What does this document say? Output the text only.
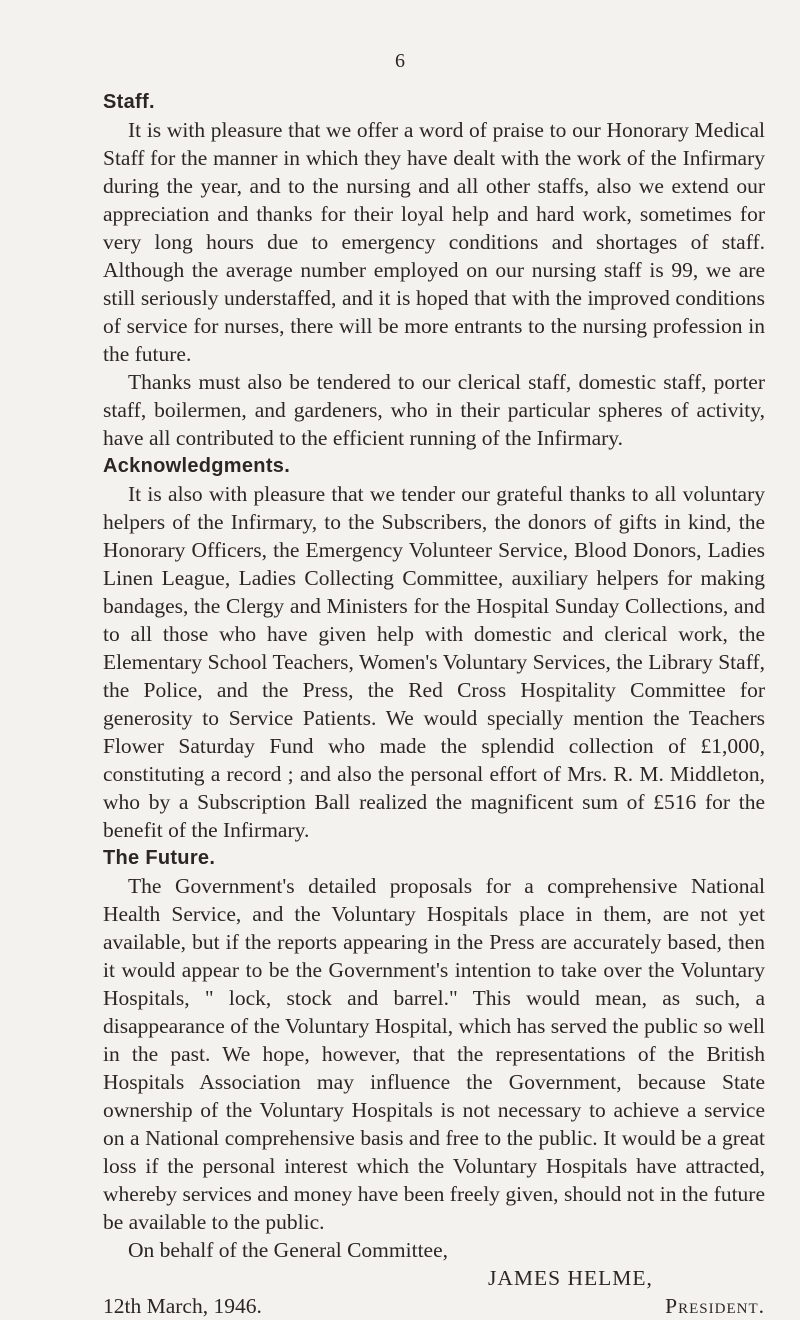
6
Staff.

It is with pleasure that we offer a word of praise to our Honorary Medical Staff for the manner in which they have dealt with the work of the Infirmary during the year, and to the nursing and all other staffs, also we extend our appreciation and thanks for their loyal help and hard work, sometimes for very long hours due to emergency conditions and shortages of staff. Although the average number employed on our nursing staff is 99, we are still seriously understaffed, and it is hoped that with the improved conditions of service for nurses, there will be more entrants to the nursing profession in the future.

Thanks must also be tendered to our clerical staff, domestic staff, porter staff, boilermen, and gardeners, who in their particular spheres of activity, have all contributed to the efficient running of the Infirmary.

Acknowledgments.

It is also with pleasure that we tender our grateful thanks to all voluntary helpers of the Infirmary, to the Subscribers, the donors of gifts in kind, the Honorary Officers, the Emergency Volunteer Service, Blood Donors, Ladies Linen League, Ladies Collecting Committee, auxiliary helpers for making bandages, the Clergy and Ministers for the Hospital Sunday Collections, and to all those who have given help with domestic and clerical work, the Elementary School Teachers, Women's Voluntary Services, the Library Staff, the Police, and the Press, the Red Cross Hospitality Committee for generosity to Service Patients. We would specially mention the Teachers Flower Saturday Fund who made the splendid collection of £1,000, constituting a record ; and also the personal effort of Mrs. R. M. Middleton, who by a Subscription Ball realized the magnificent sum of £516 for the benefit of the Infirmary.

The Future.

The Government's detailed proposals for a comprehensive National Health Service, and the Voluntary Hospitals place in them, are not yet available, but if the reports appearing in the Press are accurately based, then it would appear to be the Government's intention to take over the Voluntary Hospitals, " lock, stock and barrel." This would mean, as such, a disappearance of the Voluntary Hospital, which has served the public so well in the past. We hope, however, that the representations of the British Hospitals Association may influence the Government, because State ownership of the Voluntary Hospitals is not necessary to achieve a service on a National comprehensive basis and free to the public. It would be a great loss if the personal interest which the Voluntary Hospitals have attracted, whereby services and money have been freely given, should not in the future be available to the public.

On behalf of the General Committee,

JAMES HELME,
12th March, 1946.	President.
